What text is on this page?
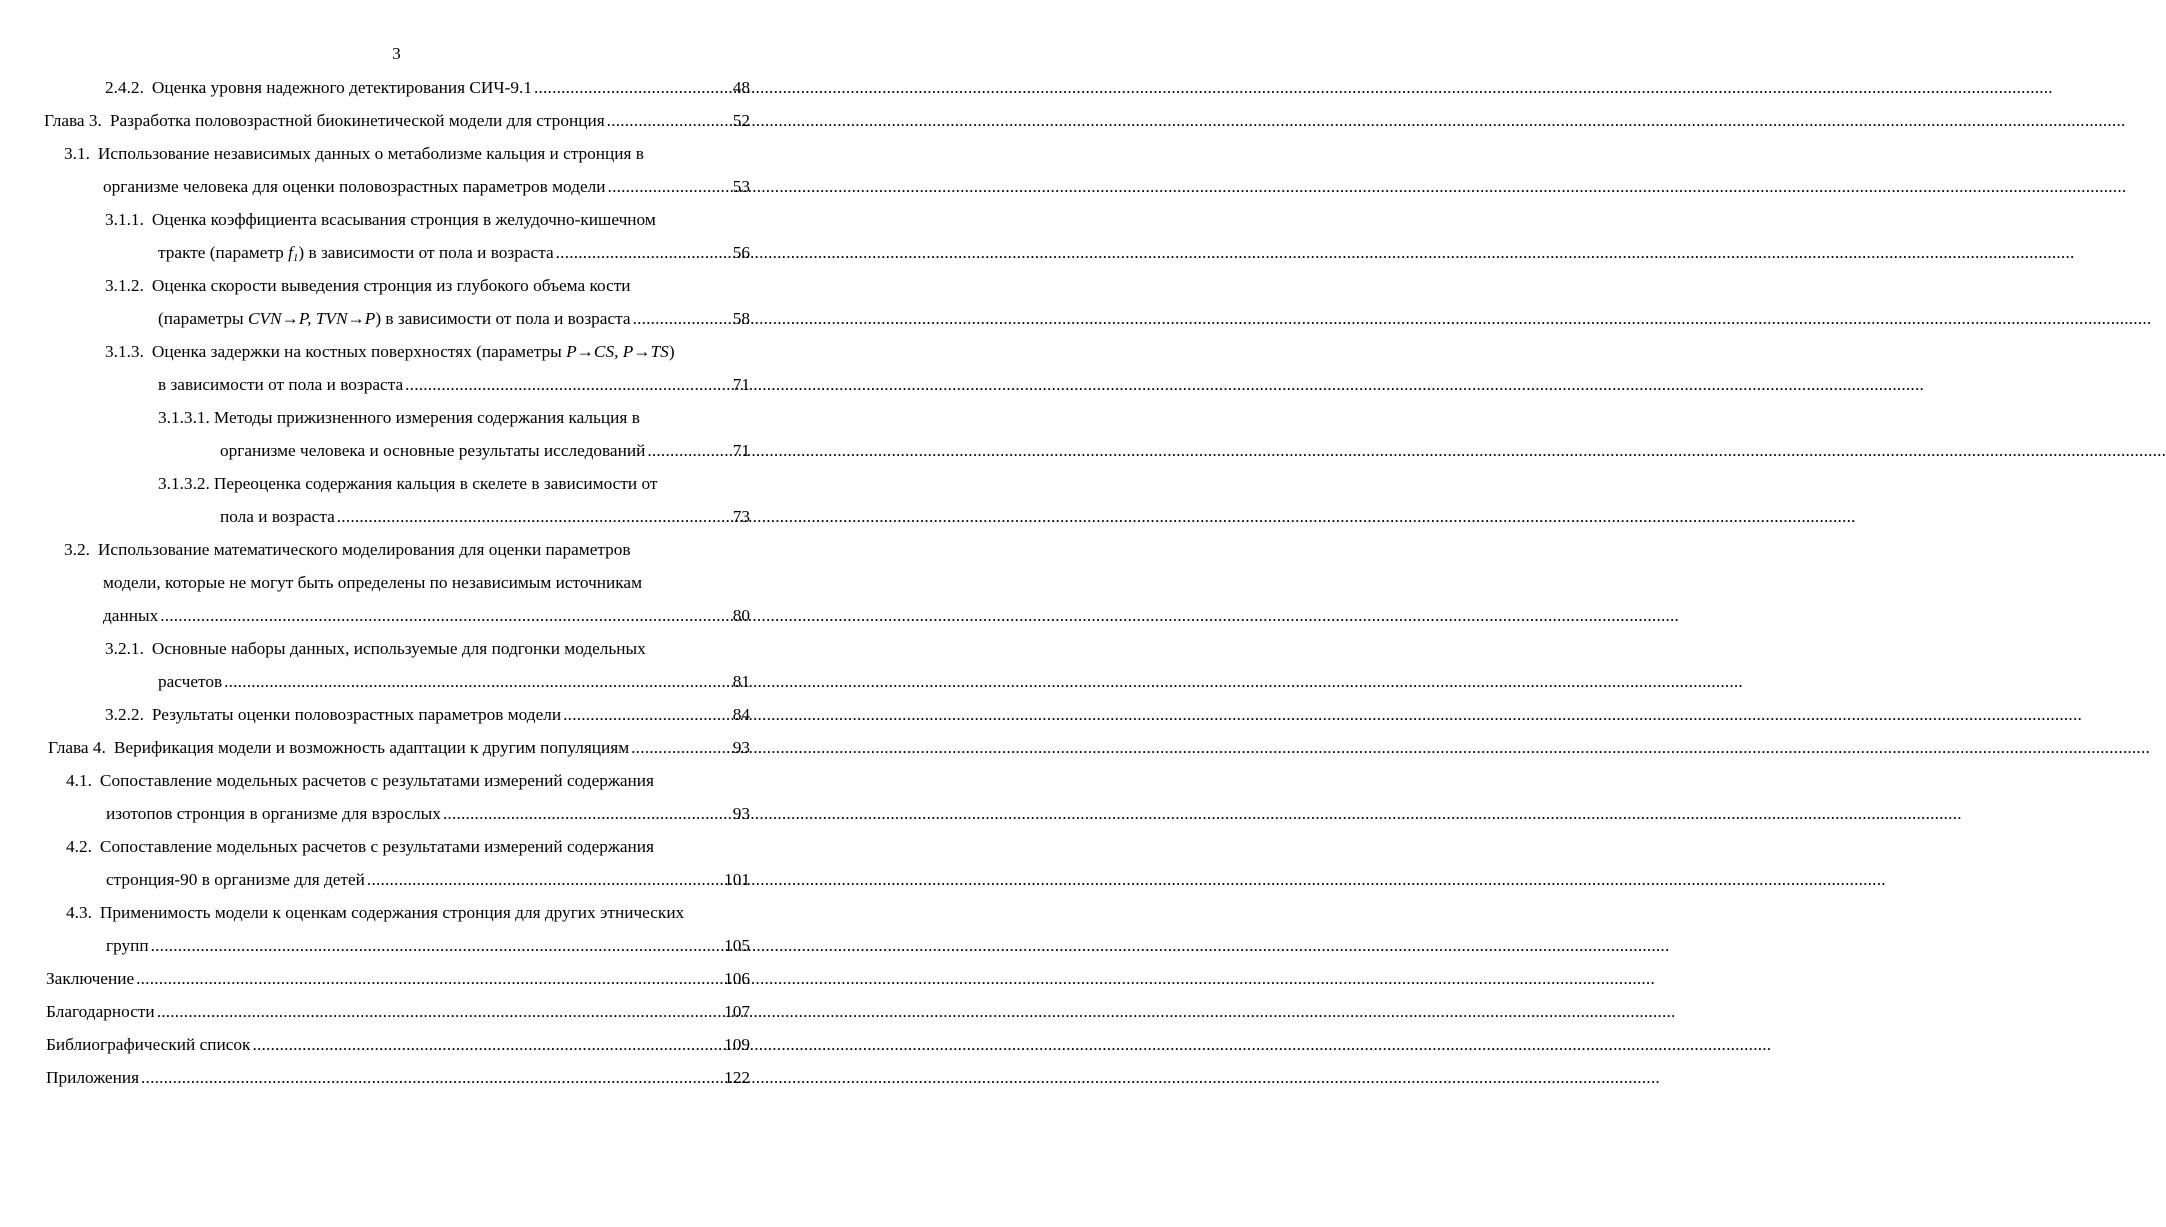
3
2.4.2. Оценка уровня надежного детектирования СИЧ-9.1 .....	48
Глава 3. Разработка половозрастной биокинетической модели для стронция .....	52
3.1. Использование независимых данных о метаболизме кальция и стронция в
организме человека для оценки половозрастных параметров модели .....	53
3.1.1. Оценка коэффициента всасывания стронция в желудочно-кишечном
тракте (параметр $f_1$) в зависимости от пола и возраста .....	56
3.1.2. Оценка скорости выведения стронция из глубокого объема кости
(параметры CVN→P, TVN→P) в зависимости от пола и возраста .....	58
3.1.3. Оценка задержки на костных поверхностях (параметры P→CS, P→TS)
в зависимости от пола и возраста .....	71
3.1.3.1. Методы прижизненного измерения содержания кальция в
организме человека и основные результаты исследований .....	71
3.1.3.2. Переоценка содержания кальция в скелете в зависимости от
пола и возраста .....	73
3.2. Использование математического моделирования для оценки параметров
модели, которые не могут быть определены по независимым источникам
данных .....	80
3.2.1. Основные наборы данных, используемые для подгонки модельных
расчетов .....	81
3.2.2. Результаты оценки половозрастных параметров модели .....	84
Глава 4. Верификация модели и возможность адаптации к другим популяциям .....	93
4.1. Сопоставление модельных расчетов с результатами измерений содержания
изотопов стронция в организме для взрослых .....	93
4.2. Сопоставление модельных расчетов с результатами измерений содержания
стронция-90 в организме для детей .....	101
4.3. Применимость модели к оценкам содержания стронция для других этнических
групп .....	105
Заключение .....	106
Благодарности .....	107
Библиографический список .....	109
Приложения .....	122
